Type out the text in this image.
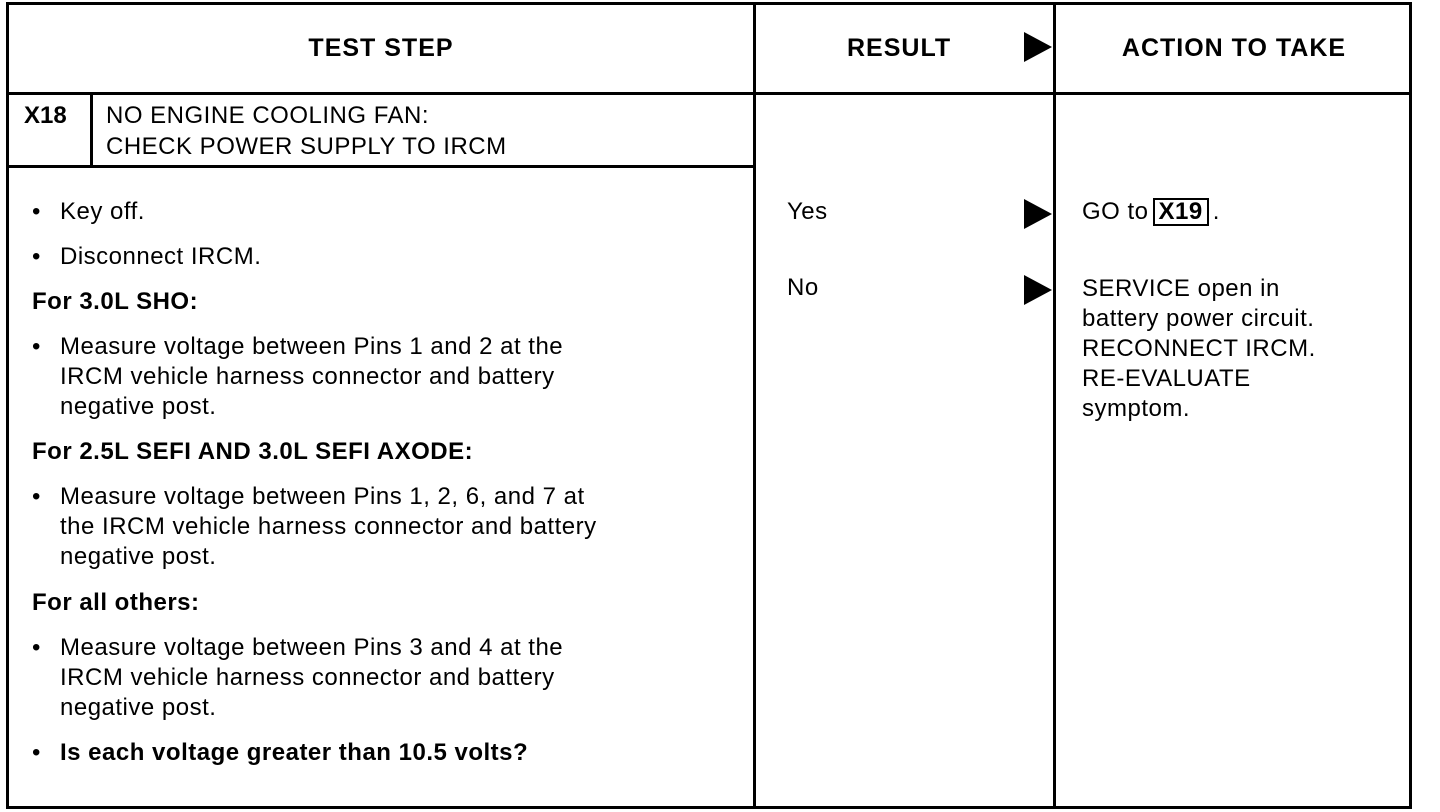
TEST STEP	RESULT	ACTION TO TAKE
X18 NO ENGINE COOLING FAN:
CHECK POWER SUPPLY TO IRCM
• Key off.
• Disconnect IRCM.
For 3.0L SHO:
• Measure voltage between Pins 1 and 2 at the
IRCM vehicle harness connector and battery
negative post.
For 2.5L SEFI AND 3.0L SEFI AXODE:
• Measure voltage between Pins 1, 2, 6, and 7 at
the IRCM vehicle harness connector and battery
negative post.
For all others:
• Measure voltage between Pins 3 and 4 at the
IRCM vehicle harness connector and battery
negative post.
• Is each voltage greater than 10.5 volts?
Yes
No
GO to X19 .
SERVICE open in
battery power circuit.
RECONNECT IRCM.
RE-EVALUATE
symptom.
